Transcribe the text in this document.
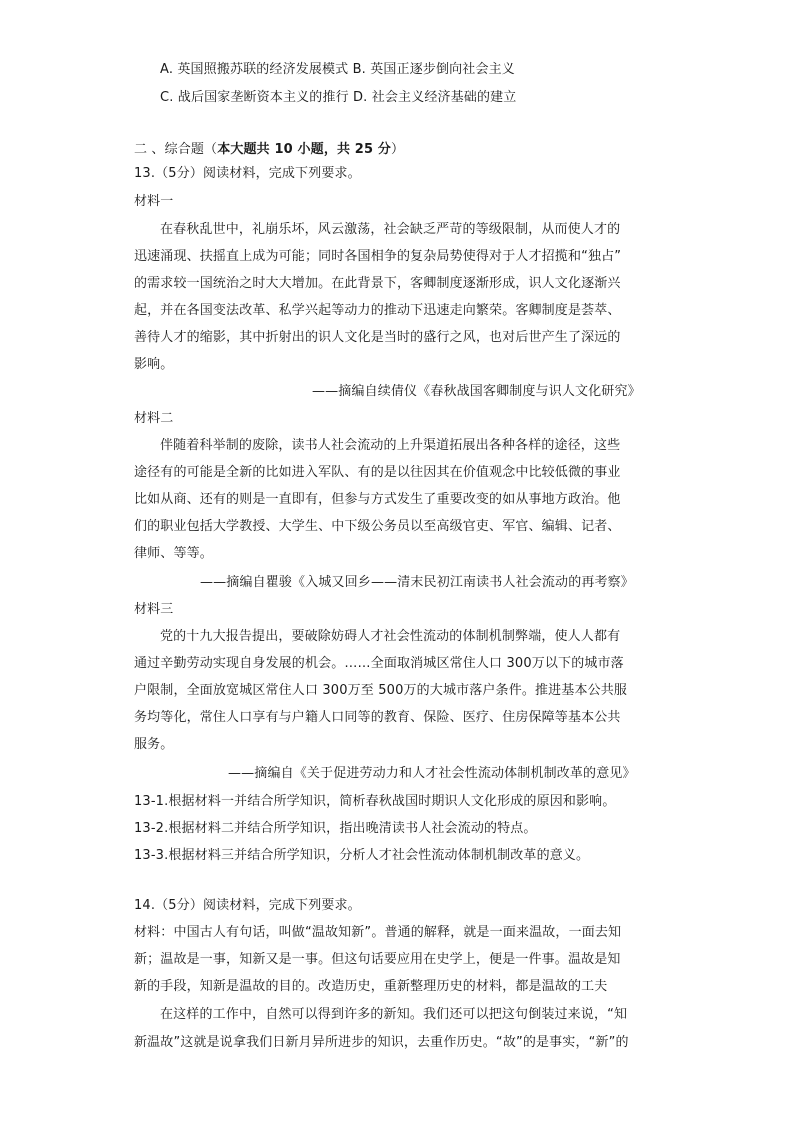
A. 英国照搬苏联的经济发展模式 B. 英国正逐步倒向社会主义
C. 战后国家垄断资本主义的推行 D. 社会主义经济基础的建立
二 、综合题（本大题共 10 小题，共 25 分）
13.（5分）阅读材料，完成下列要求。
材料一
在春秋乱世中，礼崩乐坏，风云激荡，社会缺乏严苛的等级限制，从而使人才的
迅速涌现、扶摇直上成为可能；同时各国相争的复杂局势使得对于人才招揽和“独占”
的需求较一国统治之时大大增加。在此背景下，客卿制度逐渐形成，识人文化逐渐兴
起，并在各国变法改革、私学兴起等动力的推动下迅速走向繁荣。客卿制度是荟萃、
善待人才的缩影，其中折射出的识人文化是当时的盛行之风，也对后世产生了深远的
影响。
——摘编自续倩仪《春秋战国客卿制度与识人文化研究》
材料二
伴随着科举制的废除，读书人社会流动的上升渠道拓展出各种各样的途径，这些
途径有的可能是全新的比如进入军队、有的是以往因其在价值观念中比较低微的事业
比如从商、还有的则是一直即有，但参与方式发生了重要改变的如从事地方政治。他
们的职业包括大学教授、大学生、中下级公务员以至高级官吏、军官、编辑、记者、
律师、等等。
——摘编自瞿骏《入城又回乡——清末民初江南读书人社会流动的再考察》
材料三
党的十九大报告提出，要破除妨碍人才社会性流动的体制机制弊端，使人人都有
通过辛勤劳动实现自身发展的机会。……全面取消城区常住人口 300万以下的城市落
户限制，全面放宽城区常住人口 300万至 500万的大城市落户条件。推进基本公共服
务均等化，常住人口享有与户籍人口同等的教育、保险、医疗、住房保障等基本公共
服务。
——摘编自《关于促进劳动力和人才社会性流动体制机制改革的意见》
13-1.根据材料一并结合所学知识，简析春秋战国时期识人文化形成的原因和影响。
13-2.根据材料二并结合所学知识，指出晚清读书人社会流动的特点。
13-3.根据材料三并结合所学知识，分析人才社会性流动体制机制改革的意义。
14.（5分）阅读材料，完成下列要求。
材料：中国古人有句话，叫做“温故知新”。普通的解释，就是一面来温故，一面去知
新；温故是一事，知新又是一事。但这句话要应用在史学上，便是一件事。温故是知
新的手段，知新是温故的目的。改造历史，重新整理历史的材料，都是温故的工夫
在这样的工作中，自然可以得到许多的新知。我们还可以把这句倒装过来说，“知
新温故”这就是说拿我们日新月异所进步的知识，去重作历史。“故”的是事实，“新”的
